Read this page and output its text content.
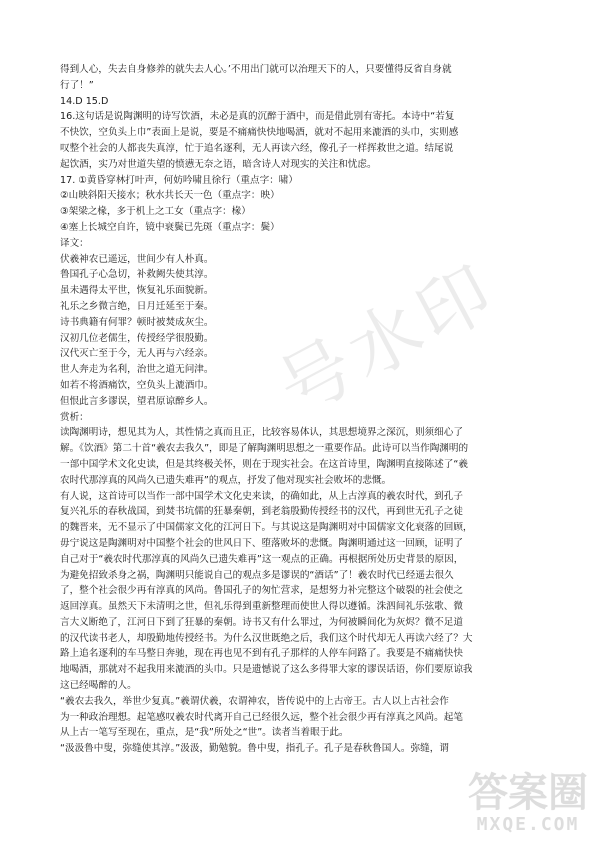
得到人心，失去自身修养的就失去人心。’不用出门就可以治理天下的人，只要懂得反省自身就
行了！”
14.D 15.D
16.这句话是说陶渊明的诗写饮酒，未必是真的沉醉于酒中，而是借此别有寄托。本诗中“若复
不快饮，空负头上巾”表面上是说，要是不痛痛快快地喝酒，就对不起用来漉酒的头巾，实则感
叹整个社会的人都丧失真淳，忙于追名逐利，无人再读六经，像孔子一样挥救世之道。结尾说
起饮酒，实乃对世道失望的愤懑无奈之语，暗含诗人对现实的关注和忧虑。
17. ①黄昏穿林打叶声，何妨吟啸且徐行（重点字：啸）
②山映斜阳天接水；秋水共长天一色（重点字：映）
③架梁之椽，多于机上之工女（重点字：椽）
④塞上长城空自许，镜中衰鬓已先斑（重点字：鬓）
译文：
伏羲神农已遥远，世间少有人朴真。
鲁国孔子心急切，补救阙失使其淳。
虽未遇得太平世，恢复礼乐面貌新。
礼乐之乡微言绝，日月迁延至于秦。
诗书典籍有何罪？顿时被焚成灰尘。
汉初几位老儒生，传授经学很殷勤。
汉代灭亡至于今，无人再与六经亲。
世人奔走为名利，治世之道无问津。
如若不将酒痛饮，空负头上漉酒巾。
但恨此言多谬误，望君原谅醉乡人。
赏析：
读陶渊明诗，想见其为人，其性情之真而且正，比较容易体认，其思想境界之深沉，则须细心了
解。《饮酒》第二十首“羲农去我久”，即是了解陶渊明思想之一重要作品。此诗可以当作陶渊明的
一部中国学术文化史读，但是其终极关怀，则在于现实社会。在这首诗里，陶渊明直接陈述了“羲
农时代那淳真的风尚久已遗失难再”的观点，抒发了他对现实社会败坏的悲慨。
有人说，这首诗可以当作一部中国学术文化史来读，的确如此，从上古淳真的羲农时代，到孔子
复兴礼乐的春秋战国，到焚书坑儒的狂暴秦朝，到老翁殷勤传授经书的汉代，再到世无孔子之徒
的魏晋来，无不显示了中国儒家文化的江河日下。与其说这是陶渊明对中国儒家文化衰落的回顾，
毋宁说这是陶渊明对中国整个社会的世风日下、堕落败坏的悲慨。陶渊明通过这一回顾，证明了
自己对于“羲农时代那淳真的风尚久已遗失难再”这一观点的正确。再根据所处历史背景的原因，
为避免招致杀身之祸，陶渊明只能说自己的观点多是谬误的“酒话”了！羲农时代已经遥去很久
了，整个社会很少再有淳真的风尚。鲁国孔子的匆忙营求，是想努力补完整这个破裂的社会使之
返回淳真。虽然天下未清明之世，但礼乐得到重新整理而使世人得以遵循。洙泗间礼乐弦歌、微
言大义断绝了，江河日下到了狂暴的秦朝。诗书又有什么罪过，为何被瞬间化为灰烬？微不足道
的汉代读书老人，却殷勤地传授经书。为什么汉世既绝之后，我们这个时代却无人再读六经了？大
路上追名逐利的车马整日奔驰，现在再也见不到有孔子那样的人停车问路了。我要是不痛痛快快
地喝酒，那就对不起我用来漉酒的头巾。只是遗憾说了这么多得罪大家的谬误话语，你们要原谅我
这已经喝醉的人。
“羲农去我久，举世少复真。”羲谓伏羲，农谓神农，皆传说中的上古帝王。古人以上古社会作
为一种政治理想。起笔感叹羲农时代离开自己已经很久远，整个社会很少再有淳真之风尚。起笔
从上古一笔写至现在，重点，是“我”所处之“世”。读者当着眼于此。
“汲汲鲁中叟，弥缝使其淳。”汲汲，勤勉貌。鲁中叟，指孔子。孔子是春秋鲁国人。弥缝，谓
号水印
答案圈
MXQE.COM
